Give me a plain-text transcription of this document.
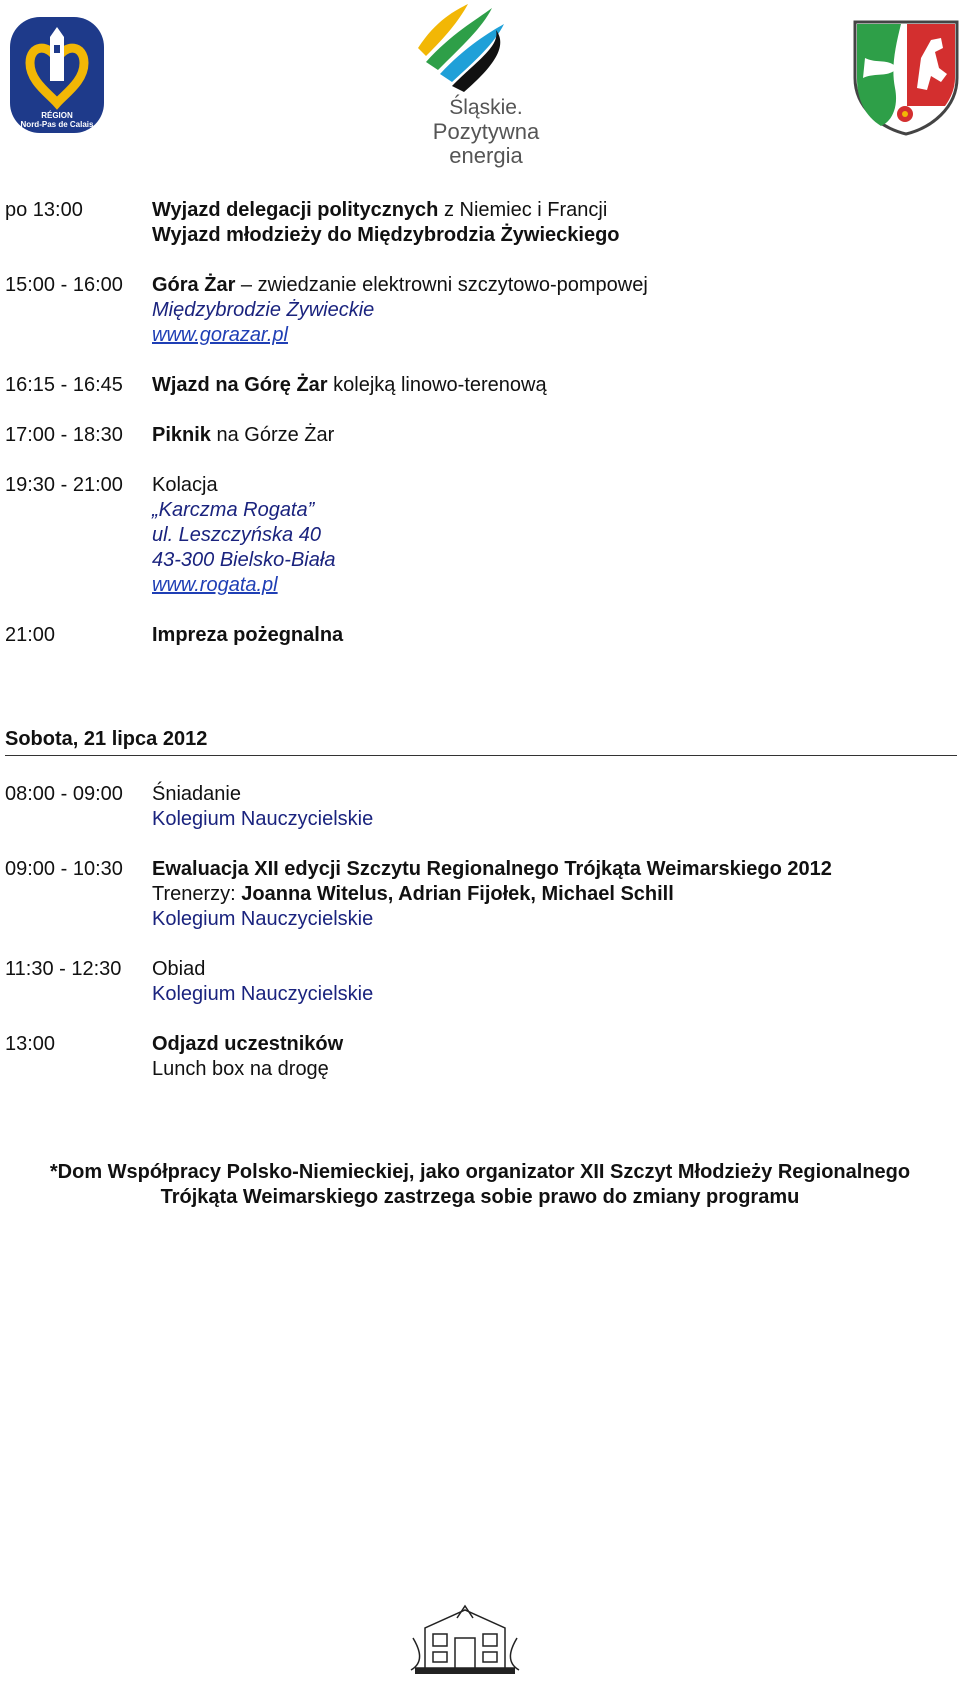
RÉGION
Nord-Pas de Calais
Śląskie.
Pozytywna energia
po 13:00	Wyjazd delegacji politycznych z Niemiec i Francji
Wyjazd młodzieży do Międzybrodzia Żywieckiego
15:00 - 16:00	Góra Żar – zwiedzanie elektrowni szczytowo-pompowej
Międzybrodzie Żywieckie
www.gorazar.pl
16:15 - 16:45	Wjazd na Górę Żar kolejką linowo-terenową
17:00 - 18:30	Piknik na Górze Żar
19:30 - 21:00	Kolacja
„Karczma Rogata”
ul. Leszczyńska 40
43-300 Bielsko-Biała
www.rogata.pl
21:00	Impreza pożegnalna
Sobota, 21 lipca 2012
08:00 - 09:00	Śniadanie
Kolegium Nauczycielskie
09:00 - 10:30	Ewaluacja XII edycji Szczytu Regionalnego Trójkąta Weimarskiego 2012
Trenerzy: Joanna Witelus, Adrian Fijołek, Michael Schill
Kolegium Nauczycielskie
11:30 - 12:30	Obiad
Kolegium Nauczycielskie
13:00	Odjazd uczestników
Lunch box na drogę
*Dom Współpracy Polsko-Niemieckiej, jako organizator XII Szczyt Młodzieży Regionalnego
Trójkąta Weimarskiego zastrzega sobie prawo do zmiany programu
